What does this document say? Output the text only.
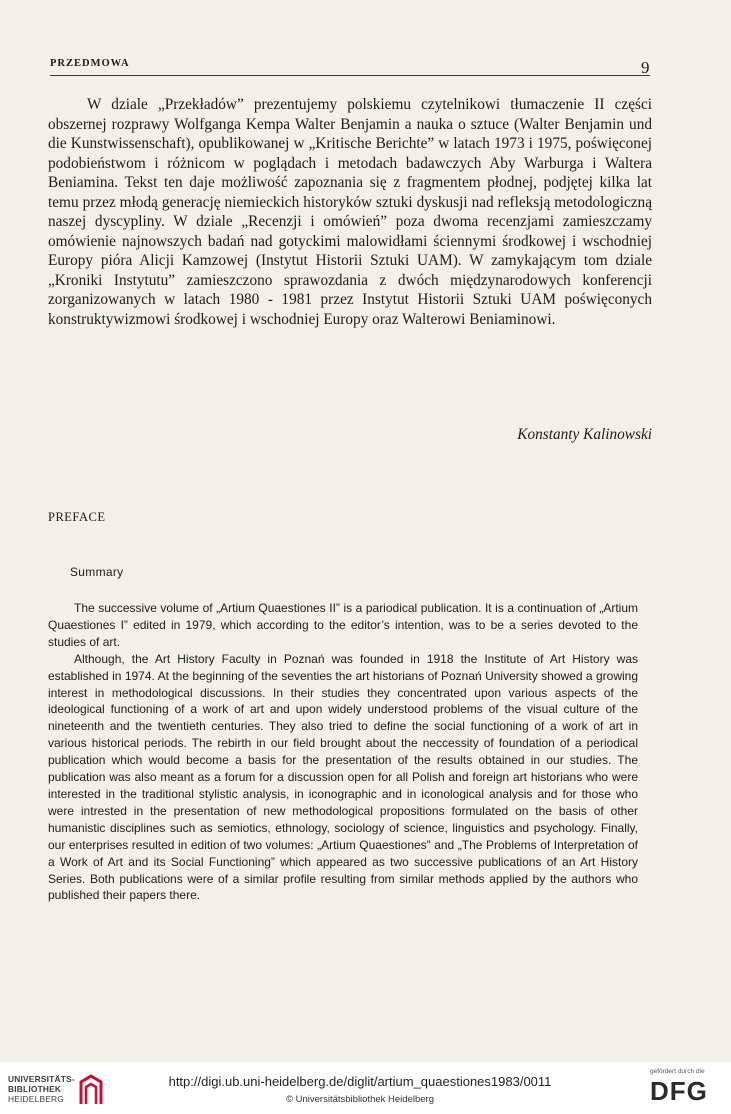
PRZEDMOWA	9

W dziale „Przekładów” prezentujemy polskiemu czytelnikowi tłumaczenie II części obszernej rozprawy Wolfganga Kempa Walter Benjamin a nauka o sztuce (Walter Benjamin und die Kunstwissenschaft), opublikowanej w „Kritische Berichte” w latach 1973 i 1975, poświęconej podobieństwom i różnicom w poglądach i metodach badawczych Aby Warburga i Waltera Beniamina. Tekst ten daje możliwość zapoznania się z fragmentem płodnej, podjętej kilka lat temu przez młodą generację niemieckich historyków sztuki dyskusji nad refleksją metodologiczną naszej dyscypliny. W dziale „Recenzji i omówień” poza dwoma recenzjami zamieszczamy omówienie najnowszych badań nad gotyckimi malowidłami ściennymi środkowej i wschodniej Europy pióra Alicji Kamzowej (Instytut Historii Sztuki UAM). W zamykającym tom dziale „Kroniki Instytutu” zamieszczono sprawozdania z dwóch międzynarodowych konferencji zorganizowanych w latach 1980 - 1981 przez Instytut Historii Sztuki UAM poświęconych konstruktywizmowi środkowej i wschodniej Europy oraz Walterowi Beniaminowi.

Konstanty Kalinowski
PREFACE
Summary

The successive volume of „Artium Quaestiones II” is a pariodical publication. It is a continuation of „Artium Quaestiones I” edited in 1979, which according to the editor’s intention, was to be a series devoted to the studies of art.

Although, the Art History Faculty in Poznań was founded in 1918 the Institute of Art History was established in 1974. At the beginning of the seventies the art historians of Poznań University showed a growing interest in methodological discussions. In their studies they concentrated upon various aspects of the ideological functioning of a work of art and upon widely understood problems of the visual culture of the nineteenth and the twentieth centuries. They also tried to define the social functioning of a work of art in various historical periods. The rebirth in our field brought about the neccessity of foundation of a periodical publication which would become a basis for the presentation of the results obtained in our studies. The publication was also meant as a forum for a discussion open for all Polish and foreign art historians who were interested in the traditional stylistic analysis, in iconographic and in iconological analysis and for those who were intrested in the presentation of new methodological propositions formulated on the basis of other humanistic disciplines such as semiotics, ethnology, sociology of science, linguistics and psychology. Finally, our enterprises resulted in edition of two volumes: „Artium Quaestiones” and „The Problems of Interpretation of a Work of Art and its Social Functioning” which appeared as two successive publications of an Art History Series. Both publications were of a similar profile resulting from similar methods applied by the authors who published their papers there.

UNIVERSITÄTS-
BIBLIOTHEK
HEIDELBERG
http://digi.ub.uni-heidelberg.de/diglit/artium_quaestiones1983/0011
© Universitätsbibliothek Heidelberg
gefördert durch die
DFG
